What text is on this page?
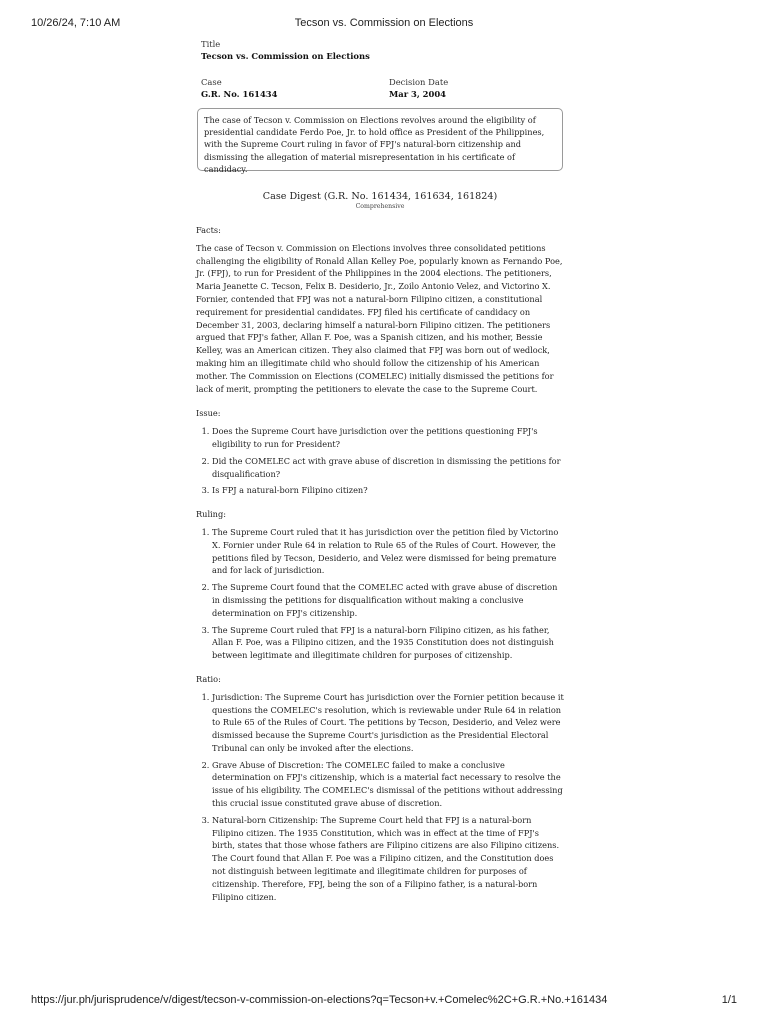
10/26/24, 7:10 AM	Tecson vs. Commission on Elections
Title
Tecson vs. Commission on Elections
Case
G.R. No. 161434
Decision Date
Mar 3, 2004
The case of Tecson v. Commission on Elections revolves around the eligibility of presidential candidate Ferdo Poe, Jr. to hold office as President of the Philippines, with the Supreme Court ruling in favor of FPJ's natural-born citizenship and dismissing the allegation of material misrepresentation in his certificate of candidacy.
Case Digest (G.R. No. 161434, 161634, 161824)
Comprehensive
Facts:

The case of Tecson v. Commission on Elections involves three consolidated petitions challenging the eligibility of Ronald Allan Kelley Poe, popularly known as Fernando Poe, Jr. (FPJ), to run for President of the Philippines in the 2004 elections. The petitioners, Maria Jeanette C. Tecson, Felix B. Desiderio, Jr., Zoilo Antonio Velez, and Victorino X. Fornier, contended that FPJ was not a natural-born Filipino citizen, a constitutional requirement for presidential candidates. FPJ filed his certificate of candidacy on December 31, 2003, declaring himself a natural-born Filipino citizen. The petitioners argued that FPJ's father, Allan F. Poe, was a Spanish citizen, and his mother, Bessie Kelley, was an American citizen. They also claimed that FPJ was born out of wedlock, making him an illegitimate child who should follow the citizenship of his American mother. The Commission on Elections (COMELEC) initially dismissed the petitions for lack of merit, prompting the petitioners to elevate the case to the Supreme Court.

Issue:
1. Does the Supreme Court have jurisdiction over the petitions questioning FPJ's eligibility to run for President?
2. Did the COMELEC act with grave abuse of discretion in dismissing the petitions for disqualification?
3. Is FPJ a natural-born Filipino citizen?
Ruling:
1. The Supreme Court ruled that it has jurisdiction over the petition filed by Victorino X. Fornier under Rule 64 in relation to Rule 65 of the Rules of Court. However, the petitions filed by Tecson, Desiderio, and Velez were dismissed for being premature and for lack of jurisdiction.
2. The Supreme Court found that the COMELEC acted with grave abuse of discretion in dismissing the petitions for disqualification without making a conclusive determination on FPJ's citizenship.
3. The Supreme Court ruled that FPJ is a natural-born Filipino citizen, as his father, Allan F. Poe, was a Filipino citizen, and the 1935 Constitution does not distinguish between legitimate and illegitimate children for purposes of citizenship.
Ratio:
1. Jurisdiction: The Supreme Court has jurisdiction over the Fornier petition because it questions the COMELEC's resolution, which is reviewable under Rule 64 in relation to Rule 65 of the Rules of Court. The petitions by Tecson, Desiderio, and Velez were dismissed because the Supreme Court's jurisdiction as the Presidential Electoral Tribunal can only be invoked after the elections.
2. Grave Abuse of Discretion: The COMELEC failed to make a conclusive determination on FPJ's citizenship, which is a material fact necessary to resolve the issue of his eligibility. The COMELEC's dismissal of the petitions without addressing this crucial issue constituted grave abuse of discretion.
3. Natural-born Citizenship: The Supreme Court held that FPJ is a natural-born Filipino citizen. The 1935 Constitution, which was in effect at the time of FPJ's birth, states that those whose fathers are Filipino citizens are also Filipino citizens. The Court found that Allan F. Poe was a Filipino citizen, and the Constitution does not distinguish between legitimate and illegitimate children for purposes of citizenship. Therefore, FPJ, being the son of a Filipino father, is a natural-born Filipino citizen.
https://jur.ph/jurisprudence/v/digest/tecson-v-commission-on-elections?q=Tecson+v.+Comelec%2C+G.R.+No.+161434	1/1
